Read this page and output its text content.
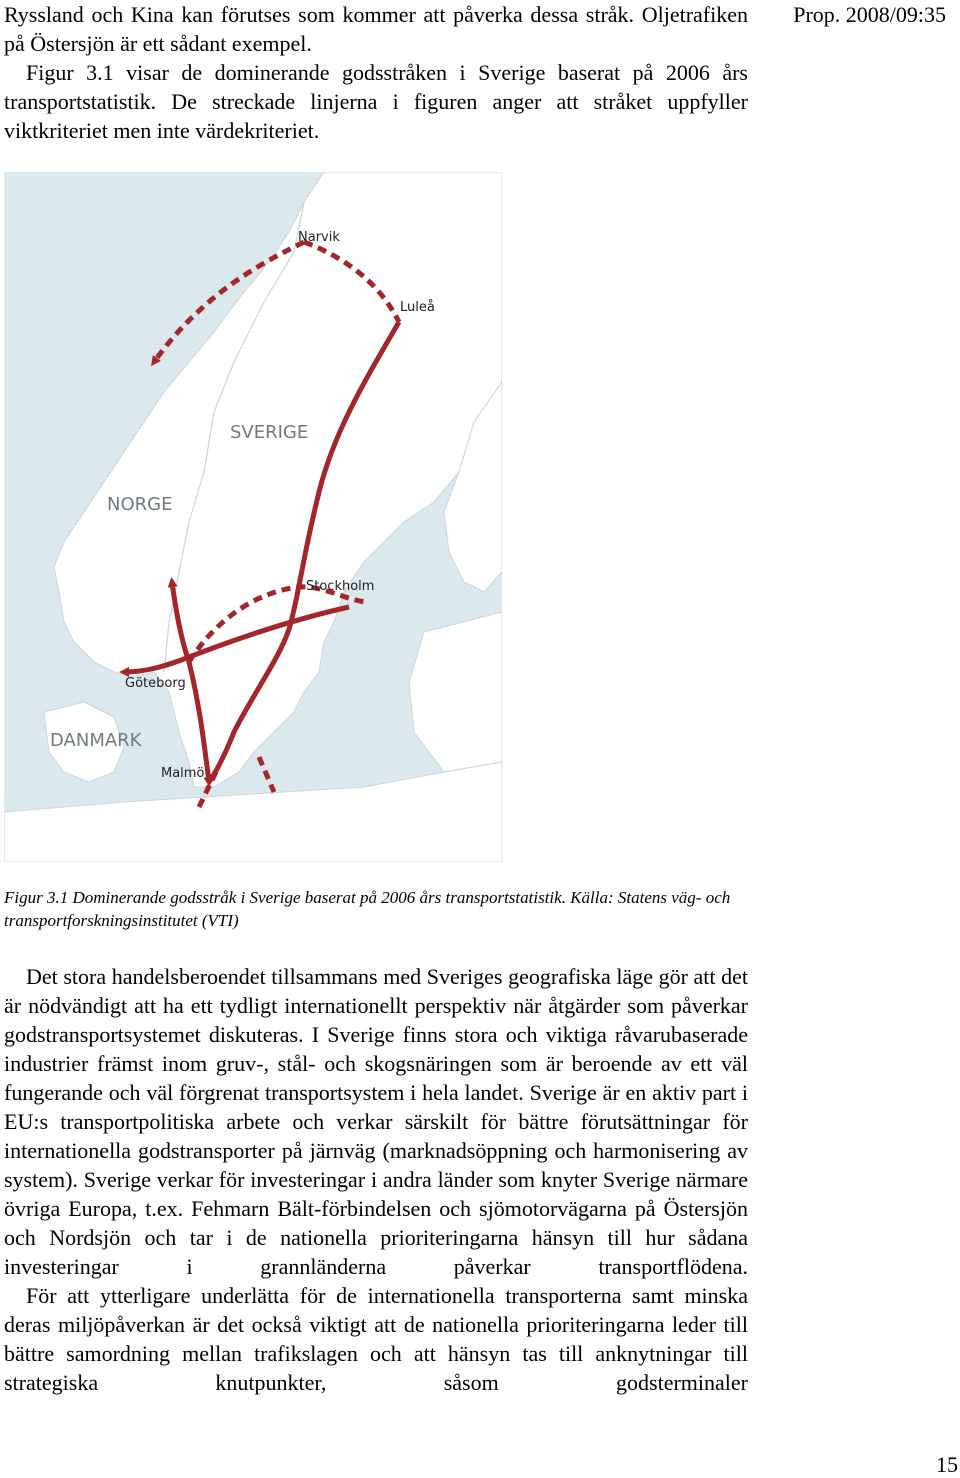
Ryssland och Kina kan förutses som kommer att påverka dessa stråk. Oljetrafiken på Östersjön är ett sådant exempel.

Figur 3.1 visar de dominerande godsstråken i Sverige baserat på 2006 års transportstatistik. De streckade linjerna i figuren anger att stråket uppfyller viktkriteriet men inte värdekriteriet.

Prop. 2008/09:35
SVERIGE
NORGE
DANMARK
Narvik
Luleå
Stockholm
Göteborg
Malmö
Figur 3.1 Dominerande godsstråk i Sverige baserat på 2006 års transportstatistik. Källa: Statens väg- och transportforskningsinstitutet (VTI)

Det stora handelsberoendet tillsammans med Sveriges geografiska läge gör att det är nödvändigt att ha ett tydligt internationellt perspektiv när åtgärder som påverkar godstransportsystemet diskuteras. I Sverige finns stora och viktiga råvarubaserade industrier främst inom gruv-, stål- och skogsnäringen som är beroende av ett väl fungerande och väl förgrenat transportsystem i hela landet. Sverige är en aktiv part i EU:s transportpolitiska arbete och verkar särskilt för bättre förutsättningar för internationella godstransporter på järnväg (marknadsöppning och harmonisering av system). Sverige verkar för investeringar i andra länder som knyter Sverige närmare övriga Europa, t.ex. Fehmarn Bält-förbindelsen och sjömotorvägarna på Östersjön och Nordsjön och tar i de nationella prioriteringarna hänsyn till hur sådana investeringar i grannländerna påverkar transportflödena.

För att ytterligare underlätta för de internationella transporterna samt minska deras miljöpåverkan är det också viktigt att de nationella prioriteringarna leder till bättre samordning mellan trafikslagen och att hänsyn tas till anknytningar till strategiska knutpunkter, såsom godsterminaler

15
